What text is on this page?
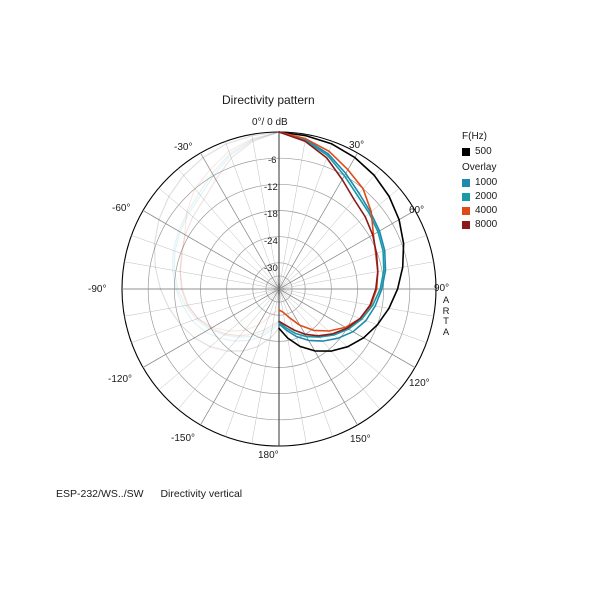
Directivity pattern
0°/ 0 dB
30°
60°
90°
120°
150°
180°
-150°
-120°
-90°
-60°
-30°
-6
-12
-18
-24
-30
A
R
T
A
F(Hz)
500
Overlay
1000
2000
4000
8000
ESP-232/WS../SW Directivity vertical
